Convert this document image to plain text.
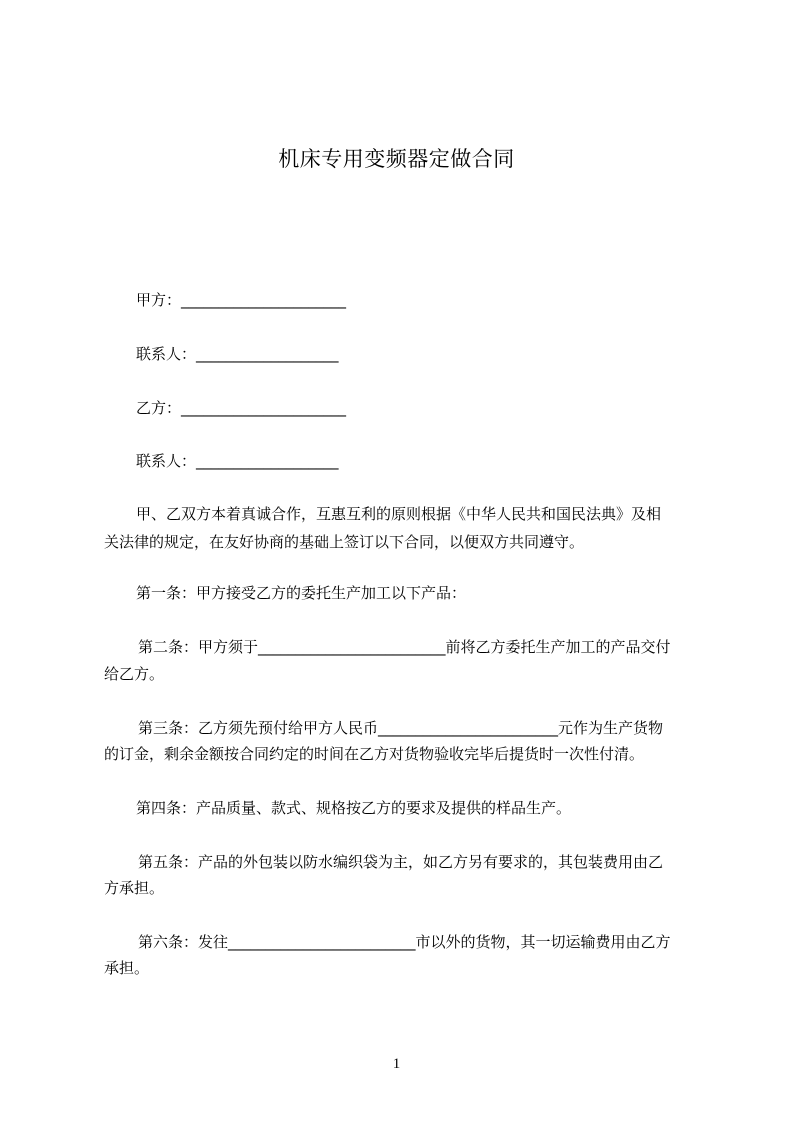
机床专用变频器定做合同
甲方：______________________
联系人：___________________
乙方：______________________
联系人：___________________
甲、乙双方本着真诚合作，互惠互利的原则根据《中华人民共和国民法典》及相
关法律的规定，在友好协商的基础上签订以下合同，以便双方共同遵守。
第一条：甲方接受乙方的委托生产加工以下产品：
第二条：甲方须于_________________________前将乙方委托生产加工的产品交付
给乙方。
第三条：乙方须先预付给甲方人民币________________________元作为生产货物
的订金，剩余金额按合同约定的时间在乙方对货物验收完毕后提货时一次性付清。
第四条：产品质量、款式、规格按乙方的要求及提供的样品生产。
第五条：产品的外包装以防水编织袋为主，如乙方另有要求的，其包装费用由乙
方承担。
第六条：发往_________________________市以外的货物，其一切运输费用由乙方
承担。
1
